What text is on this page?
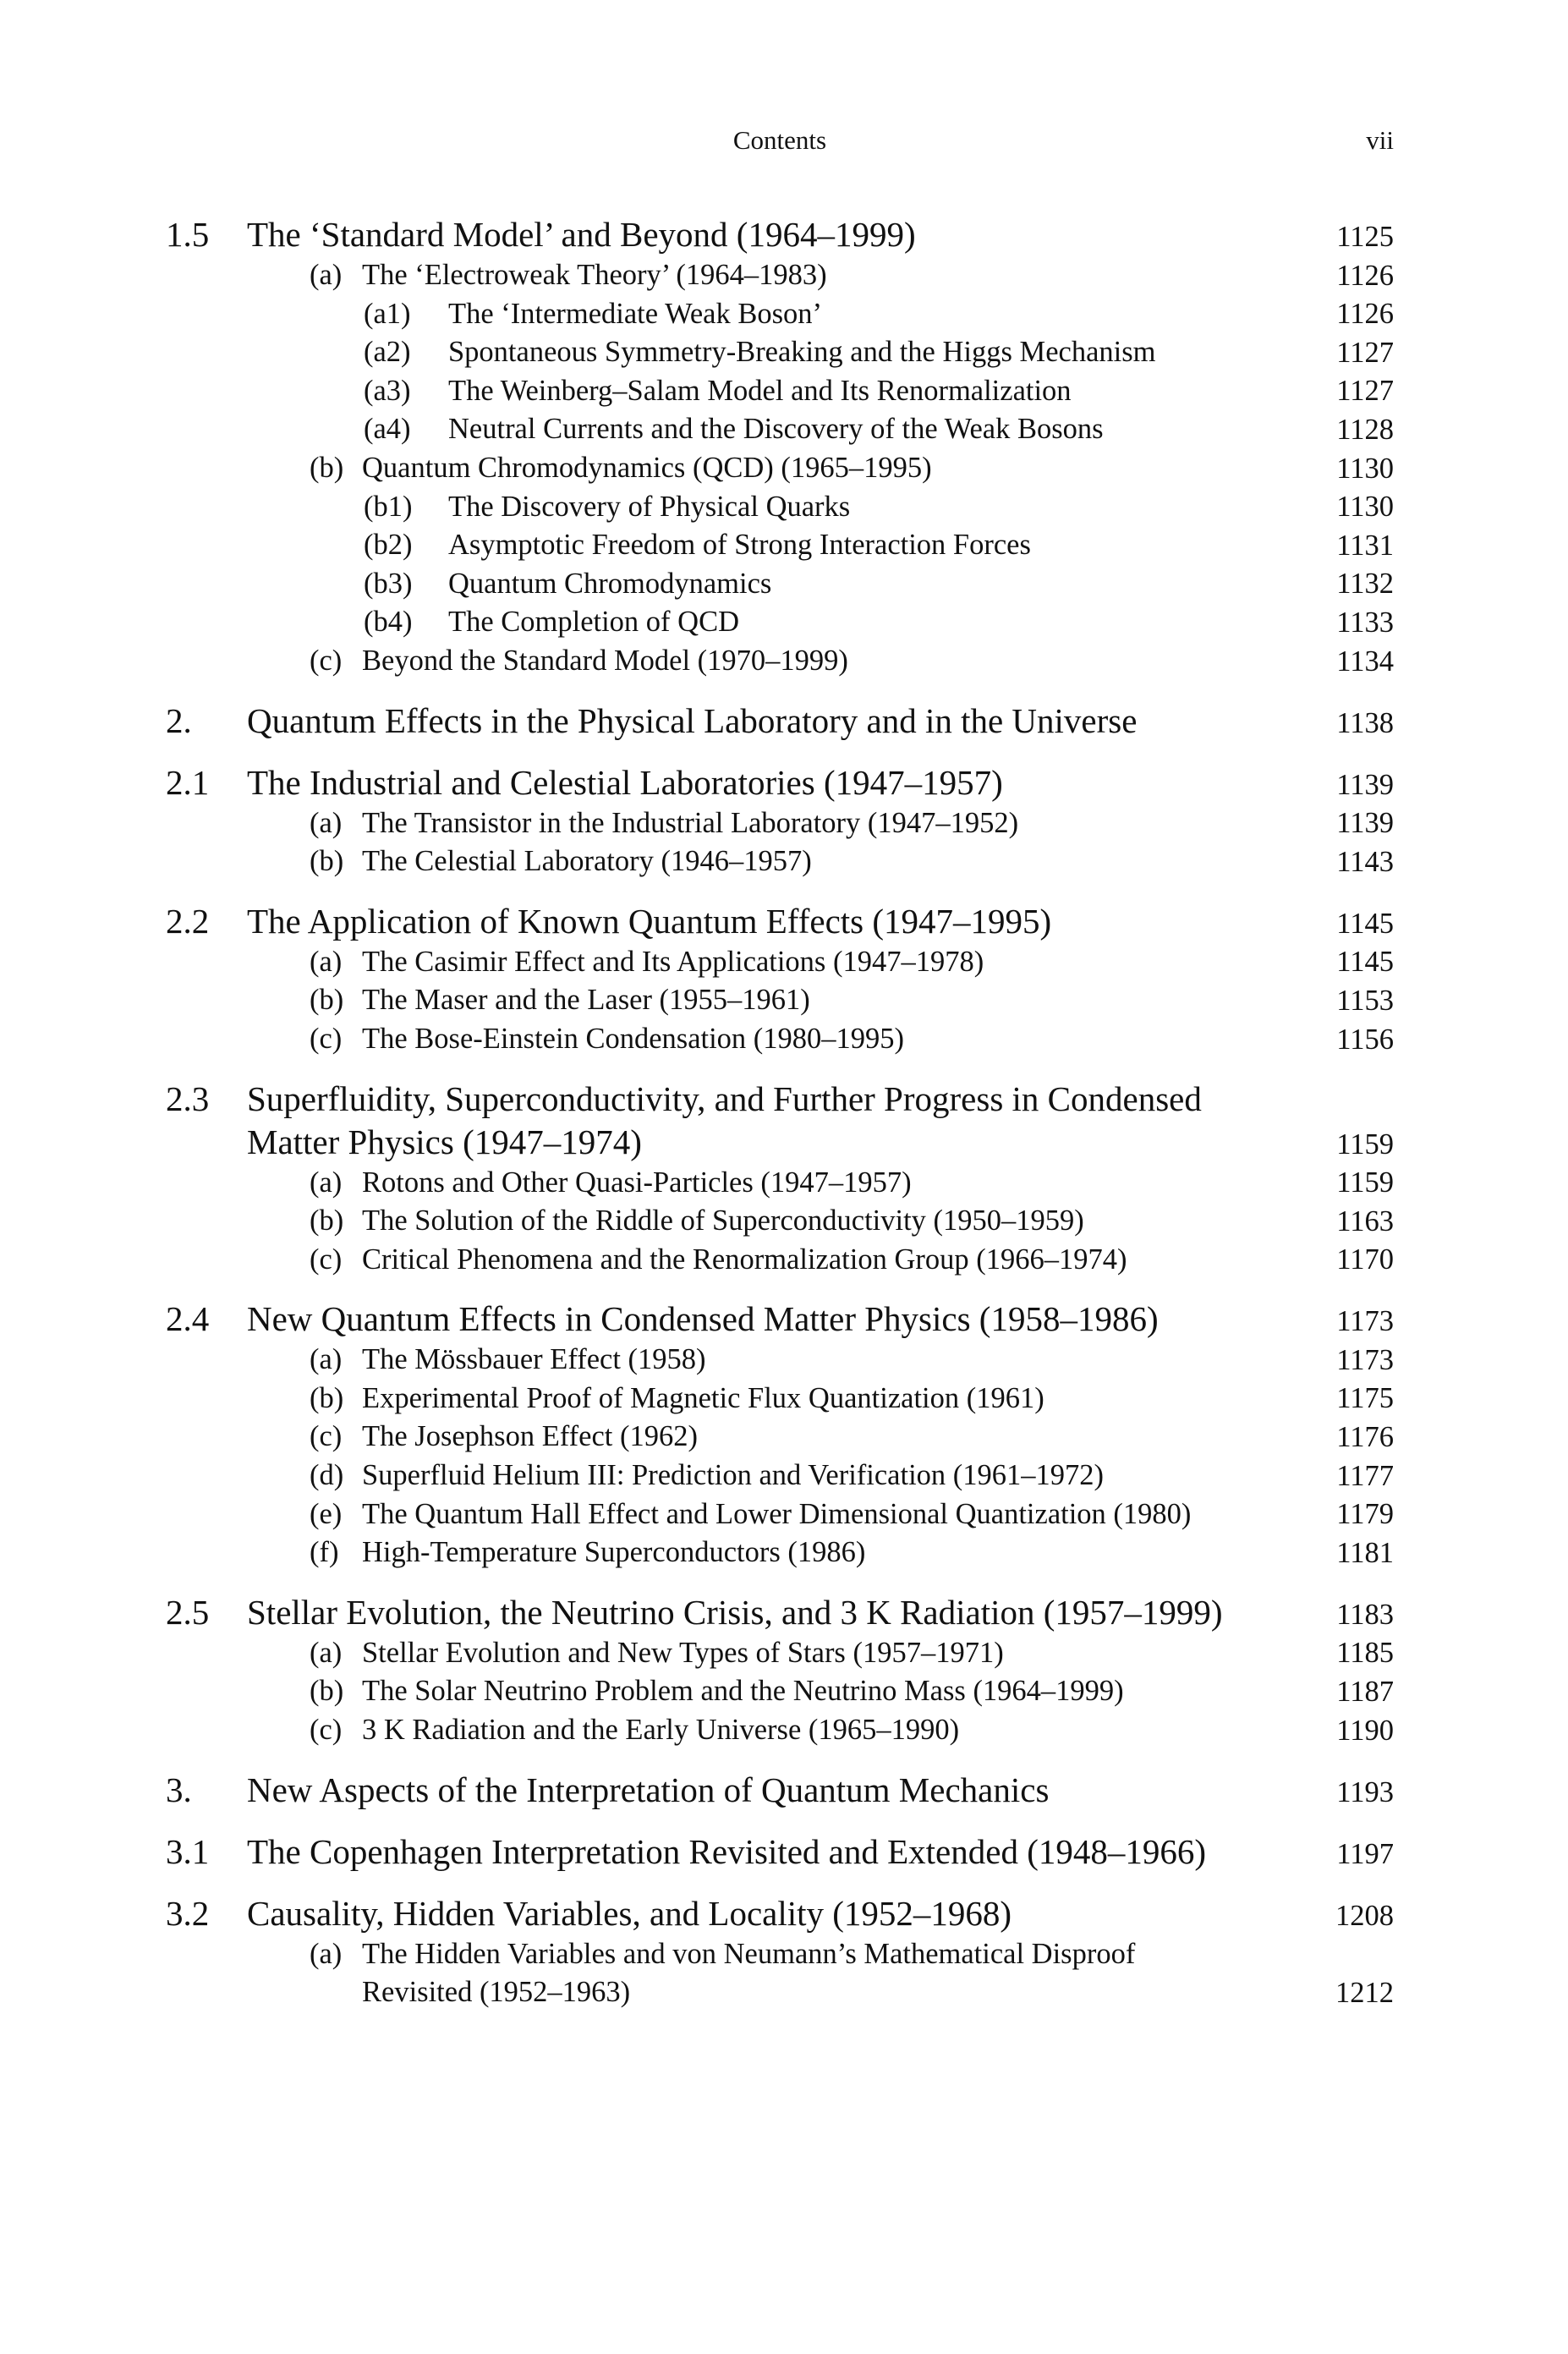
Contents	vii
1.5 The ‘Standard Model’ and Beyond (1964–1999)	1125
(a) The ‘Electroweak Theory’ (1964–1983)	1126
(a1) The ‘Intermediate Weak Boson’	1126
(a2) Spontaneous Symmetry-Breaking and the Higgs Mechanism	1127
(a3) The Weinberg–Salam Model and Its Renormalization	1127
(a4) Neutral Currents and the Discovery of the Weak Bosons	1128
(b) Quantum Chromodynamics (QCD) (1965–1995)	1130
(b1) The Discovery of Physical Quarks	1130
(b2) Asymptotic Freedom of Strong Interaction Forces	1131
(b3) Quantum Chromodynamics	1132
(b4) The Completion of QCD	1133
(c) Beyond the Standard Model (1970–1999)	1134
2. Quantum Effects in the Physical Laboratory and in the Universe	1138
2.1 The Industrial and Celestial Laboratories (1947–1957)	1139
(a) The Transistor in the Industrial Laboratory (1947–1952)	1139
(b) The Celestial Laboratory (1946–1957)	1143
2.2 The Application of Known Quantum Effects (1947–1995)	1145
(a) The Casimir Effect and Its Applications (1947–1978)	1145
(b) The Maser and the Laser (1955–1961)	1153
(c) The Bose-Einstein Condensation (1980–1995)	1156
2.3 Superfluidity, Superconductivity, and Further Progress in Condensed Matter Physics (1947–1974)	1159
(a) Rotons and Other Quasi-Particles (1947–1957)	1159
(b) The Solution of the Riddle of Superconductivity (1950–1959)	1163
(c) Critical Phenomena and the Renormalization Group (1966–1974)	1170
2.4 New Quantum Effects in Condensed Matter Physics (1958–1986)	1173
(a) The Mössbauer Effect (1958)	1173
(b) Experimental Proof of Magnetic Flux Quantization (1961)	1175
(c) The Josephson Effect (1962)	1176
(d) Superfluid Helium III: Prediction and Verification (1961–1972)	1177
(e) The Quantum Hall Effect and Lower Dimensional Quantization (1980)	1179
(f) High-Temperature Superconductors (1986)	1181
2.5 Stellar Evolution, the Neutrino Crisis, and 3 K Radiation (1957–1999)	1183
(a) Stellar Evolution and New Types of Stars (1957–1971)	1185
(b) The Solar Neutrino Problem and the Neutrino Mass (1964–1999)	1187
(c) 3 K Radiation and the Early Universe (1965–1990)	1190
3. New Aspects of the Interpretation of Quantum Mechanics	1193
3.1 The Copenhagen Interpretation Revisited and Extended (1948–1966)	1197
3.2 Causality, Hidden Variables, and Locality (1952–1968)	1208
(a) The Hidden Variables and von Neumann’s Mathematical Disproof Revisited (1952–1963)	1212
